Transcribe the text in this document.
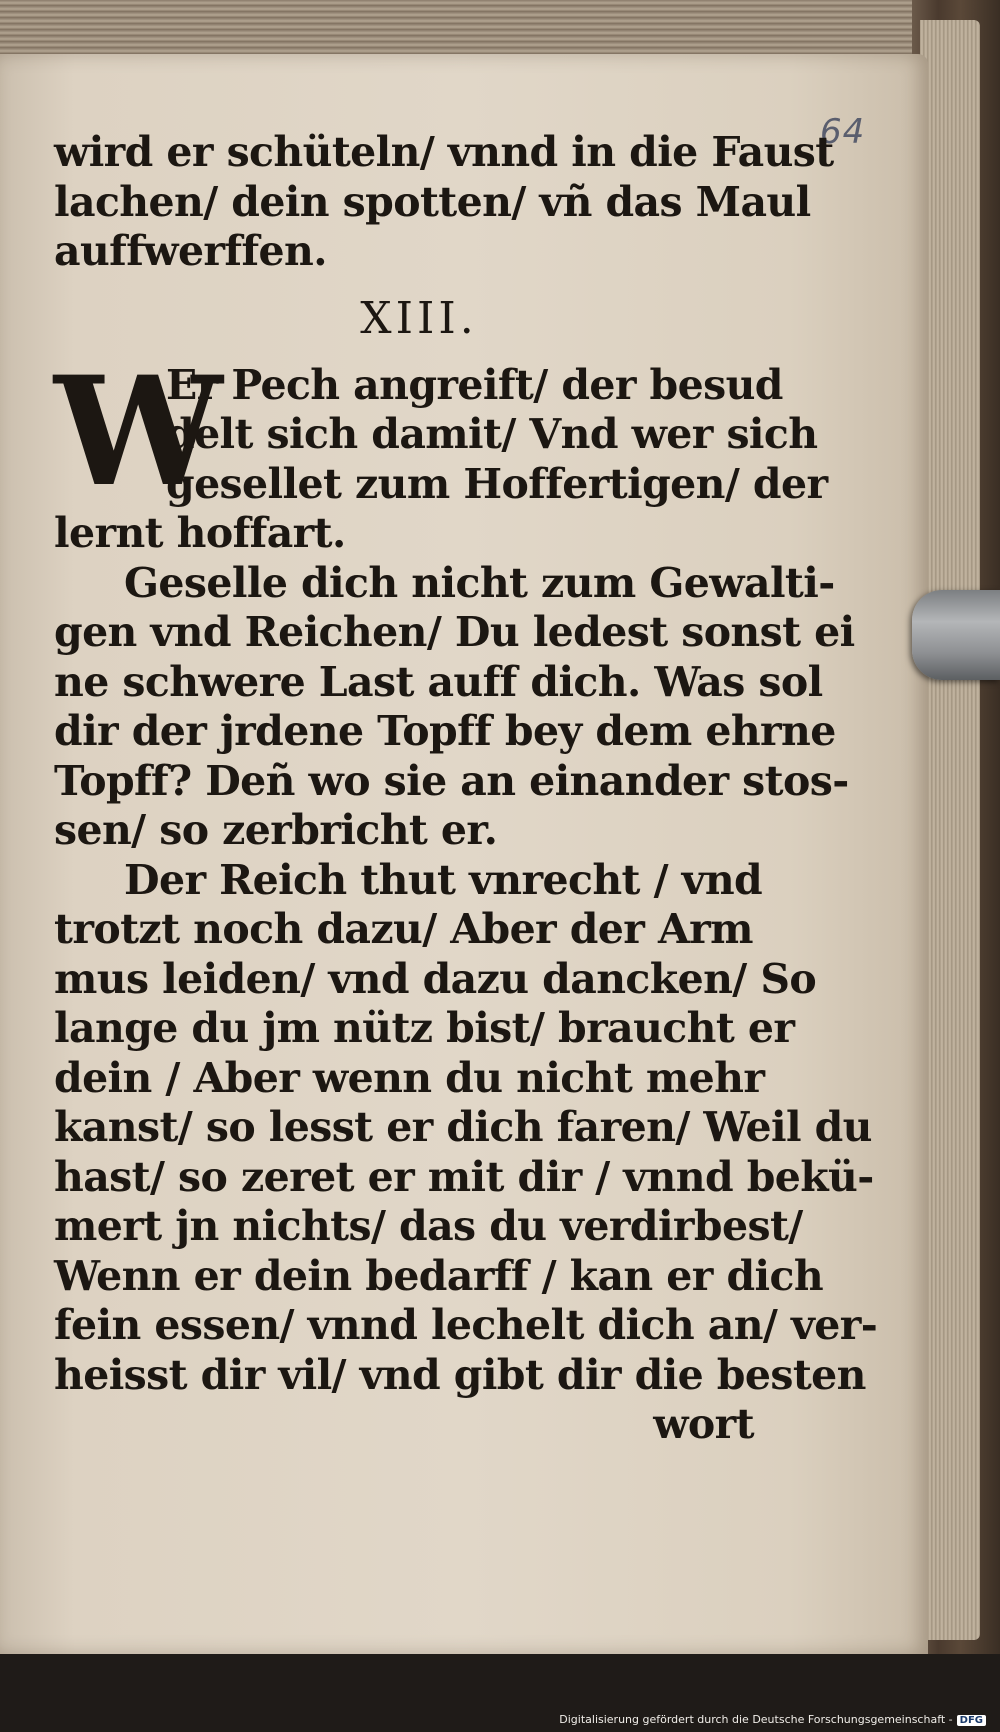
64
wird er schüteln/ vnnd in die Faust
lachen/ dein spotten/ vñ das Maul
auffwerffen.
XIII.
W
Er Pech angreift/ der besud
delt sich damit/ Vnd wer sich
gesellet zum Hoffertigen/ der
lernt hoffart.
Geselle dich nicht zum Gewalti-
gen vnd Reichen/ Du ledest sonst ei
ne schwere Last auff dich. Was sol
dir der jrdene Topff bey dem ehrne
Topff? Deñ wo sie an einander stos-
sen/ so zerbricht er.
Der Reich thut vnrecht / vnd
trotzt noch dazu/ Aber der Arm
mus leiden/ vnd dazu dancken/ So
lange du jm nütz bist/ braucht er
dein / Aber wenn du nicht mehr
kanst/ so lesst er dich faren/ Weil du
hast/ so zeret er mit dir / vnnd bekü-
mert jn nichts/ das du verdirbest/
Wenn er dein bedarff / kan er dich
fein essen/ vnnd lechelt dich an/ ver-
heisst dir vil/ vnd gibt dir die besten
wort
Digitalisierung gefördert durch die Deutsche Forschungsgemeinschaft - DFG
